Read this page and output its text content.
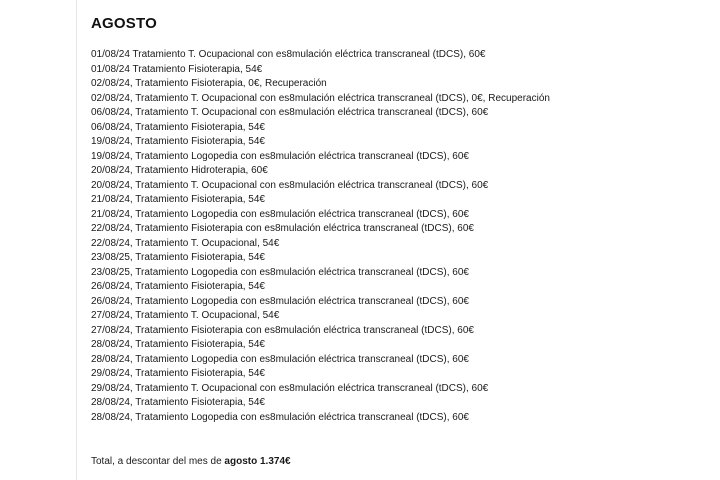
AGOSTO
01/08/24 Tratamiento T. Ocupacional con es8mulación eléctrica transcraneal (tDCS), 60€
01/08/24 Tratamiento Fisioterapia, 54€
02/08/24, Tratamiento Fisioterapia, 0€, Recuperación
02/08/24, Tratamiento T. Ocupacional con es8mulación eléctrica transcraneal (tDCS), 0€, Recuperación
06/08/24, Tratamiento T. Ocupacional con es8mulación eléctrica transcraneal (tDCS), 60€
06/08/24, Tratamiento Fisioterapia, 54€
19/08/24, Tratamiento Fisioterapia, 54€
19/08/24, Tratamiento Logopedia con es8mulación eléctrica transcraneal (tDCS), 60€
20/08/24, Tratamiento Hidroterapia, 60€
20/08/24, Tratamiento T. Ocupacional con es8mulación eléctrica transcraneal (tDCS), 60€
21/08/24, Tratamiento Fisioterapia, 54€
21/08/24, Tratamiento Logopedia con es8mulación eléctrica transcraneal (tDCS), 60€
22/08/24, Tratamiento Fisioterapia con es8mulación eléctrica transcraneal (tDCS), 60€
22/08/24, Tratamiento T. Ocupacional, 54€
23/08/25, Tratamiento Fisioterapia, 54€
23/08/25, Tratamiento Logopedia con es8mulación eléctrica transcraneal (tDCS), 60€
26/08/24, Tratamiento Fisioterapia, 54€
26/08/24, Tratamiento Logopedia con es8mulación eléctrica transcraneal (tDCS), 60€
27/08/24, Tratamiento T. Ocupacional, 54€
27/08/24, Tratamiento Fisioterapia con es8mulación eléctrica transcraneal (tDCS), 60€
28/08/24, Tratamiento Fisioterapia, 54€
28/08/24, Tratamiento Logopedia con es8mulación eléctrica transcraneal (tDCS), 60€
29/08/24, Tratamiento Fisioterapia, 54€
29/08/24, Tratamiento T. Ocupacional con es8mulación eléctrica transcraneal (tDCS), 60€
28/08/24, Tratamiento Fisioterapia, 54€
28/08/24, Tratamiento Logopedia con es8mulación eléctrica transcraneal (tDCS), 60€
Total, a descontar del mes de agosto 1.374€
